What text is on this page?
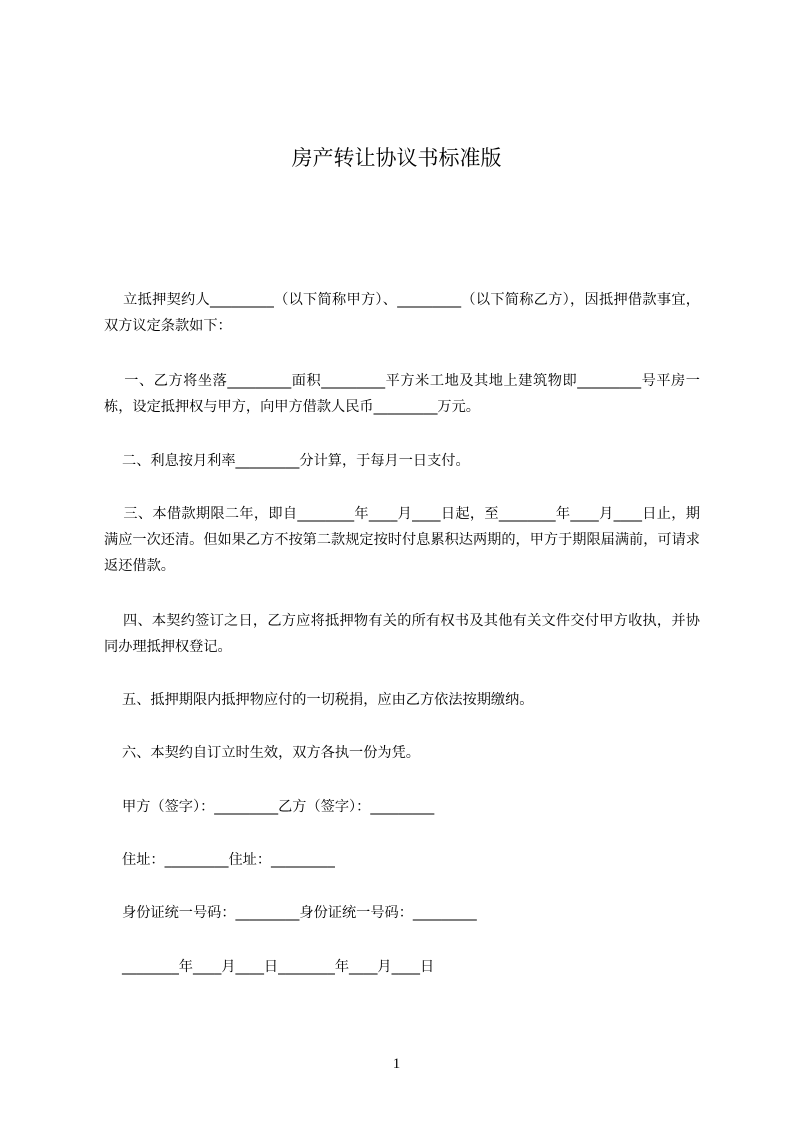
房产转让协议书标准版

立抵押契约人_________（以下简称甲方）、_________（以下简称乙方），因抵押借款事宜，双方议定条款如下：

一、乙方将坐落_________面积_________平方米工地及其地上建筑物即_________号平房一栋，设定抵押权与甲方，向甲方借款人民币_________万元。

二、利息按月利率_________分计算，于每月一日支付。

三、本借款期限二年，即自________年____月____日起，至________年____月____日止，期满应一次还清。但如果乙方不按第二款规定按时付息累积达两期的，甲方于期限届满前，可请求返还借款。

四、本契约签订之日，乙方应将抵押物有关的所有权书及其他有关文件交付甲方收执，并协同办理抵押权登记。

五、抵押期限内抵押物应付的一切税捐，应由乙方依法按期缴纳。

六、本契约自订立时生效，双方各执一份为凭。

甲方（签字）：_________乙方（签字）：_________

住址：_________住址：_________

身份证统一号码：_________身份证统一号码：_________

________年____月____日________年____月____日

1
